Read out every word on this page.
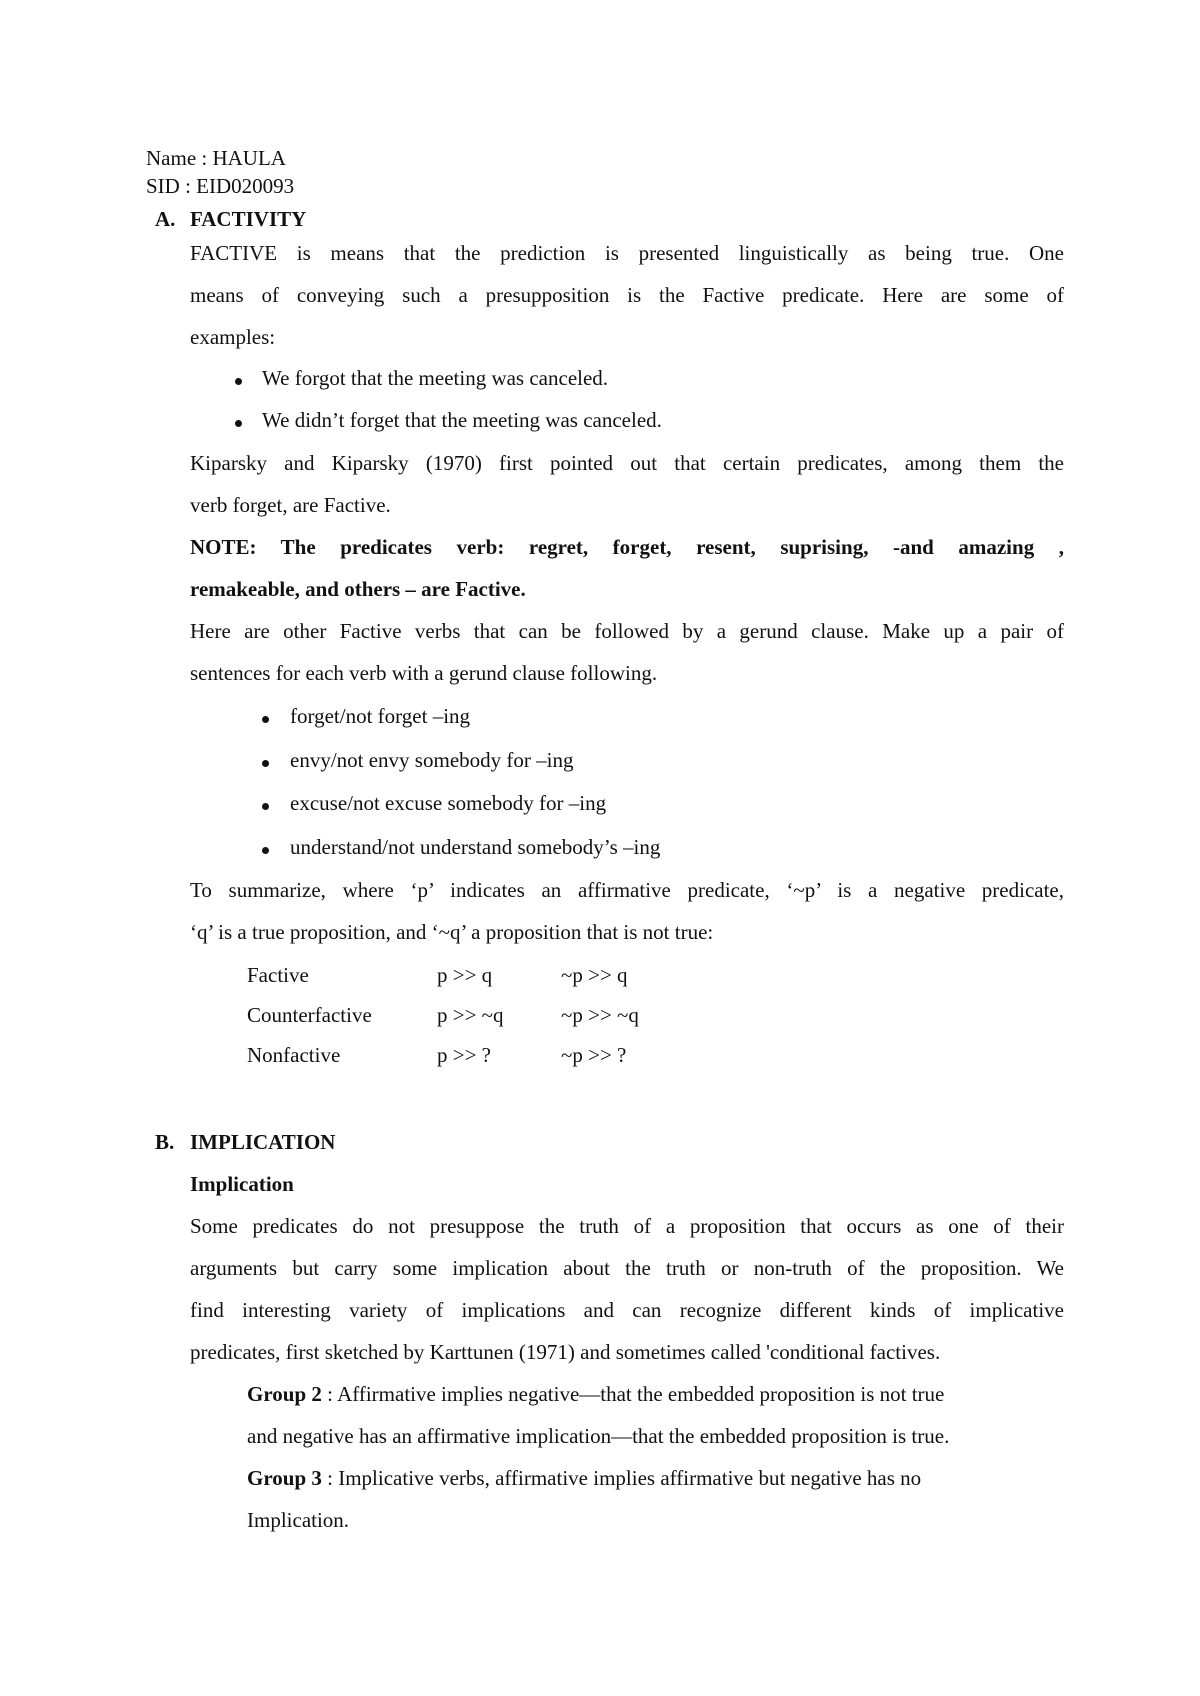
Name : HAULA
SID : EID020093
A. FACTIVITY
FACTIVE is means that the prediction is presented linguistically as being true. One
means of conveying such a presupposition is the Factive predicate. Here are some of
examples:
We forgot that the meeting was canceled.
We didn’t forget that the meeting was canceled.
Kiparsky and Kiparsky (1970) first pointed out that certain predicates, among them the
verb forget, are Factive.
NOTE: The predicates verb: regret, forget, resent, suprising, -and amazing ,
remakeable, and others – are Factive.
Here are other Factive verbs that can be followed by a gerund clause. Make up a pair of
sentences for each verb with a gerund clause following.
forget/not forget –ing
envy/not envy somebody for –ing
excuse/not excuse somebody for –ing
understand/not understand somebody’s –ing
To summarize, where ‘p’ indicates an affirmative predicate, ‘~p’ is a negative predicate,
‘q’ is a true proposition, and ‘~q’ a proposition that is not true:
Factive	p >> q	~p >> q
Counterfactive	p >> ~q	~p >> ~q
Nonfactive	p >> ?	~p >> ?
B. IMPLICATION
Implication
Some predicates do not presuppose the truth of a proposition that occurs as one of their
arguments but carry some implication about the truth or non-truth of the proposition. We
find interesting variety of implications and can recognize different kinds of implicative
predicates, first sketched by Karttunen (1971) and sometimes called 'conditional factives.
Group 2 : Affirmative implies negative—that the embedded proposition is not true
and negative has an affirmative implication—that the embedded proposition is true.
Group 3 : Implicative verbs, affirmative implies affirmative but negative has no
Implication.
